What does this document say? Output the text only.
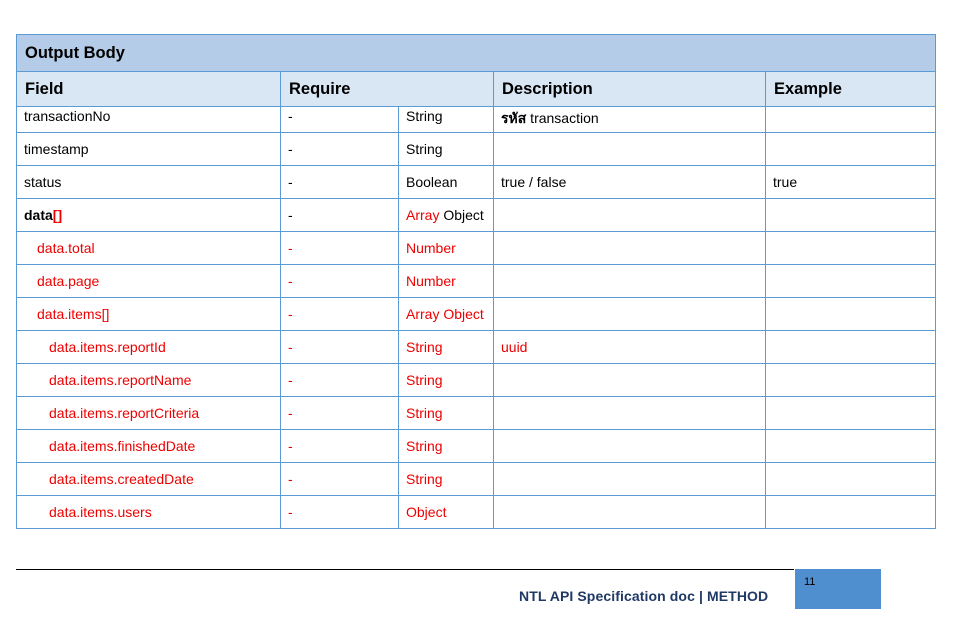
Output Body				
Field	Require		Description	Example
transactionNo	-	String	รหัส transaction	
timestamp	-	String		
status	-	Boolean	true / false	true
data[]	-	Array Object		
data.total	-	Number		
data.page	-	Number		
data.items[]	-	Array Object		
data.items.reportId	-	String	uuid	
data.items.reportName	-	String		
data.items.reportCriteria	-	String		
data.items.finishedDate	-	String		
data.items.createdDate	-	String		
data.items.users	-	Object		
NTL API Specification doc | METHOD
11
